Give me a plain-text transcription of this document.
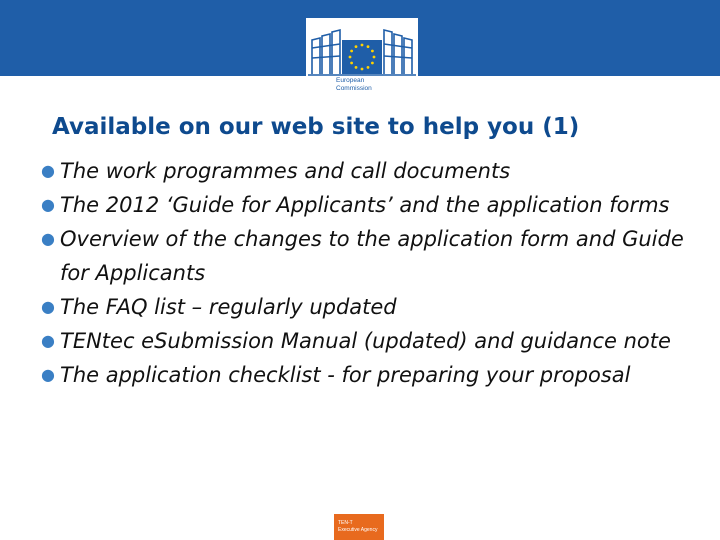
European
Commission
Available on our web site to help you (1)
● The work programmes and call documents
● The 2012 ‘Guide for Applicants’ and the application forms
● Overview of the changes to the application form and Guide for Applicants
● The FAQ list – regularly updated
● TENtec eSubmission Manual (updated) and guidance note
● The application checklist - for preparing your proposal
TEN-T
Executive Agency
